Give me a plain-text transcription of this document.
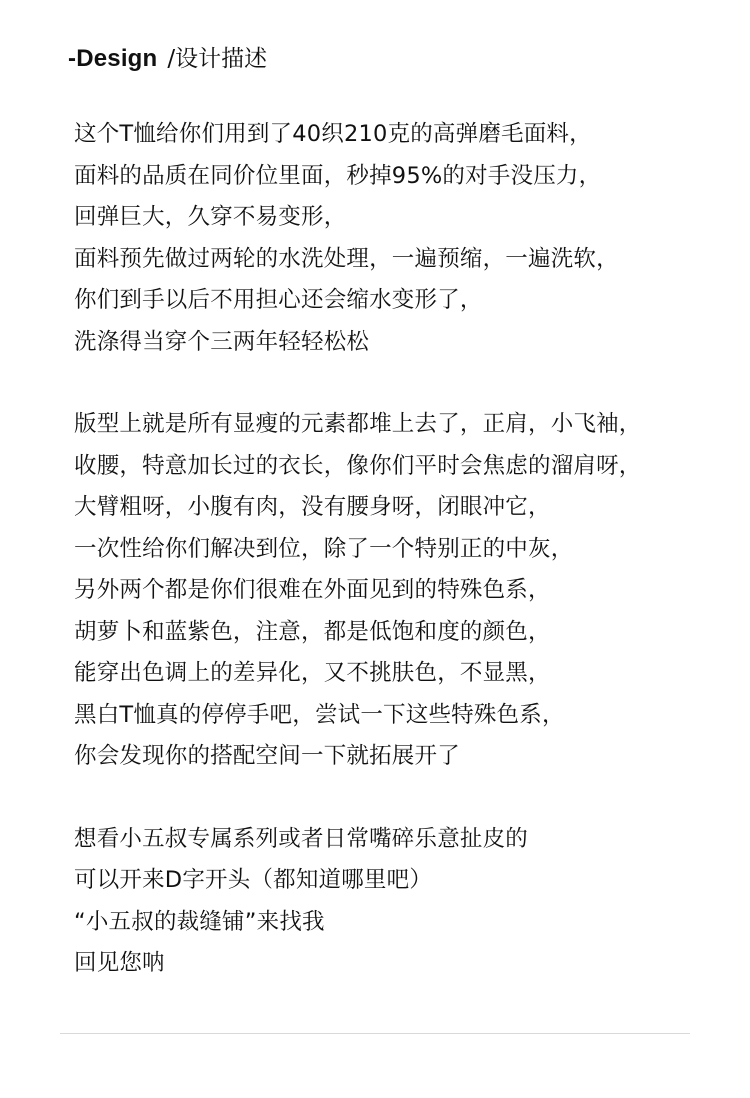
-Design /设计描述
这个T恤给你们用到了40织210克的高弹磨毛面料，
面料的品质在同价位里面，秒掉95%的对手没压力，
回弹巨大，久穿不易变形，
面料预先做过两轮的水洗处理，一遍预缩，一遍洗软，
你们到手以后不用担心还会缩水变形了，
洗涤得当穿个三两年轻轻松松
版型上就是所有显瘦的元素都堆上去了，正肩，小飞袖，
收腰，特意加长过的衣长，像你们平时会焦虑的溜肩呀，
大臂粗呀，小腹有肉，没有腰身呀，闭眼冲它，
一次性给你们解决到位，除了一个特别正的中灰，
另外两个都是你们很难在外面见到的特殊色系，
胡萝卜和蓝紫色，注意，都是低饱和度的颜色，
能穿出色调上的差异化，又不挑肤色，不显黑，
黑白T恤真的停停手吧，尝试一下这些特殊色系，
你会发现你的搭配空间一下就拓展开了
想看小五叔专属系列或者日常嘴碎乐意扯皮的
可以开来D字开头（都知道哪里吧）
“小五叔的裁缝铺”来找我
回见您呐
